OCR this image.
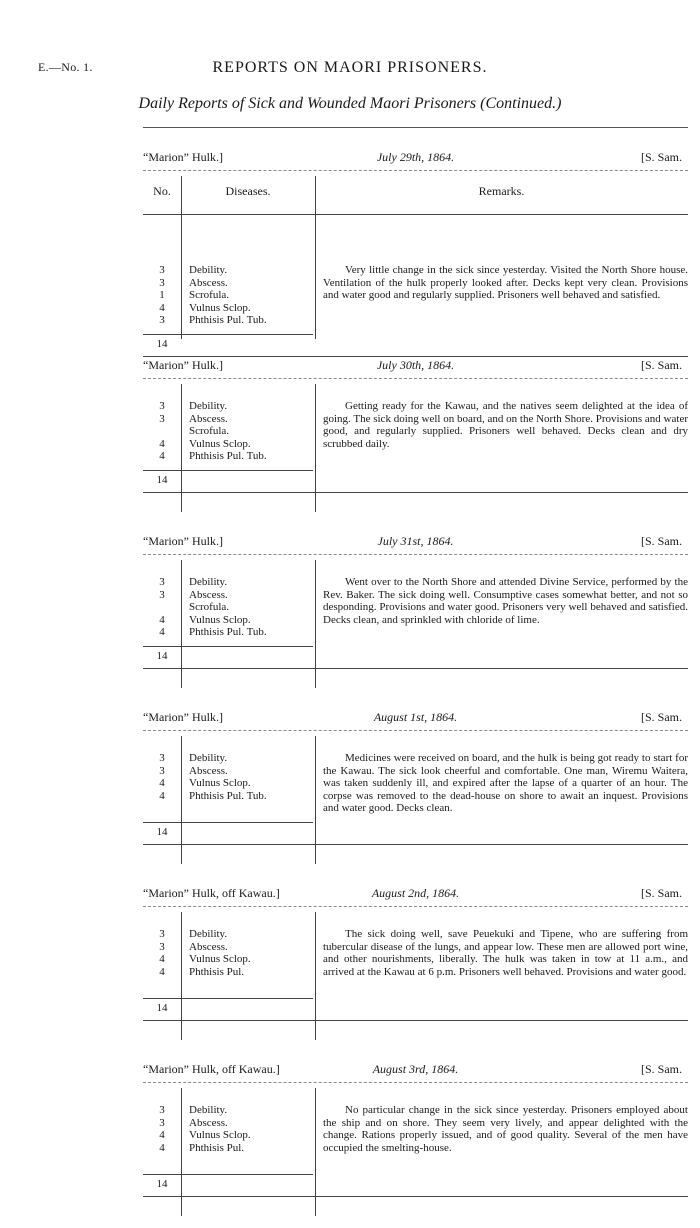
E.—No. 1.	REPORTS ON MAORI PRISONERS.
Daily Reports of Sick and Wounded Maori Prisoners (Continued.)
“Marion” Hulk.]	July 29th, 1864.	[S. Sam.
No.	Diseases.	Remarks.
3	Debility.
3	Abscess.
1	Scrofula.
4	Vulnus Sclop.
3	Phthisis Pul. Tub.
14
Very little change in the sick since yesterday. Visited the North Shore house. Ventilation of the hulk properly looked after. Decks kept very clean. Provisions and water good and regularly supplied. Prisoners well behaved and satisfied.
“Marion” Hulk.]	July 30th, 1864.	[S. Sam.
3	Debility.
3	Abscess.
Scrofula.
4	Vulnus Sclop.
4	Phthisis Pul. Tub.
14
Getting ready for the Kawau, and the natives seem delighted at the idea of going. The sick doing well on board, and on the North Shore. Provisions and water good, and regularly supplied. Prisoners well behaved. Decks clean and dry scrubbed daily.
“Marion” Hulk.]	July 31st, 1864.	[S. Sam.
3	Debility.
3	Abscess.
Scrofula.
4	Vulnus Sclop.
4	Phthisis Pul. Tub.
14
Went over to the North Shore and attended Divine Service, performed by the Rev. Baker. The sick doing well. Consumptive cases somewhat better, and not so desponding. Provisions and water good. Prisoners very well behaved and satisfied. Decks clean, and sprinkled with chloride of lime.
“Marion” Hulk.]	August 1st, 1864.	[S. Sam.
3	Debility.
3	Abscess.
4	Vulnus Sclop.
4	Phthisis Pul. Tub.
14
Medicines were received on board, and the hulk is being got ready to start for the Kawau. The sick look cheerful and comfortable. One man, Wiremu Waitera, was taken suddenly ill, and expired after the lapse of a quarter of an hour. The corpse was removed to the dead-house on shore to await an inquest. Provisions and water good. Decks clean.
“Marion” Hulk, off Kawau.]	August 2nd, 1864.	[S. Sam.
3	Debility.
3	Abscess.
4	Vulnus Sclop.
4	Phthisis Pul.
14
The sick doing well, save Peuekuki and Tipene, who are suffering from tubercular disease of the lungs, and appear low. These men are allowed port wine, and other nourishments, liberally. The hulk was taken in tow at 11 a.m., and arrived at the Kawau at 6 p.m. Prisoners well behaved. Provisions and water good.
“Marion” Hulk, off Kawau.]	August 3rd, 1864.	[S. Sam.
3	Debility.
3	Abscess.
4	Vulnus Sclop.
4	Phthisis Pul.
14
No particular change in the sick since yesterday. Prisoners employed about the ship and on shore. They seem very lively, and appear delighted with the change. Rations properly issued, and of good quality. Several of the men have occupied the smelting-house.
